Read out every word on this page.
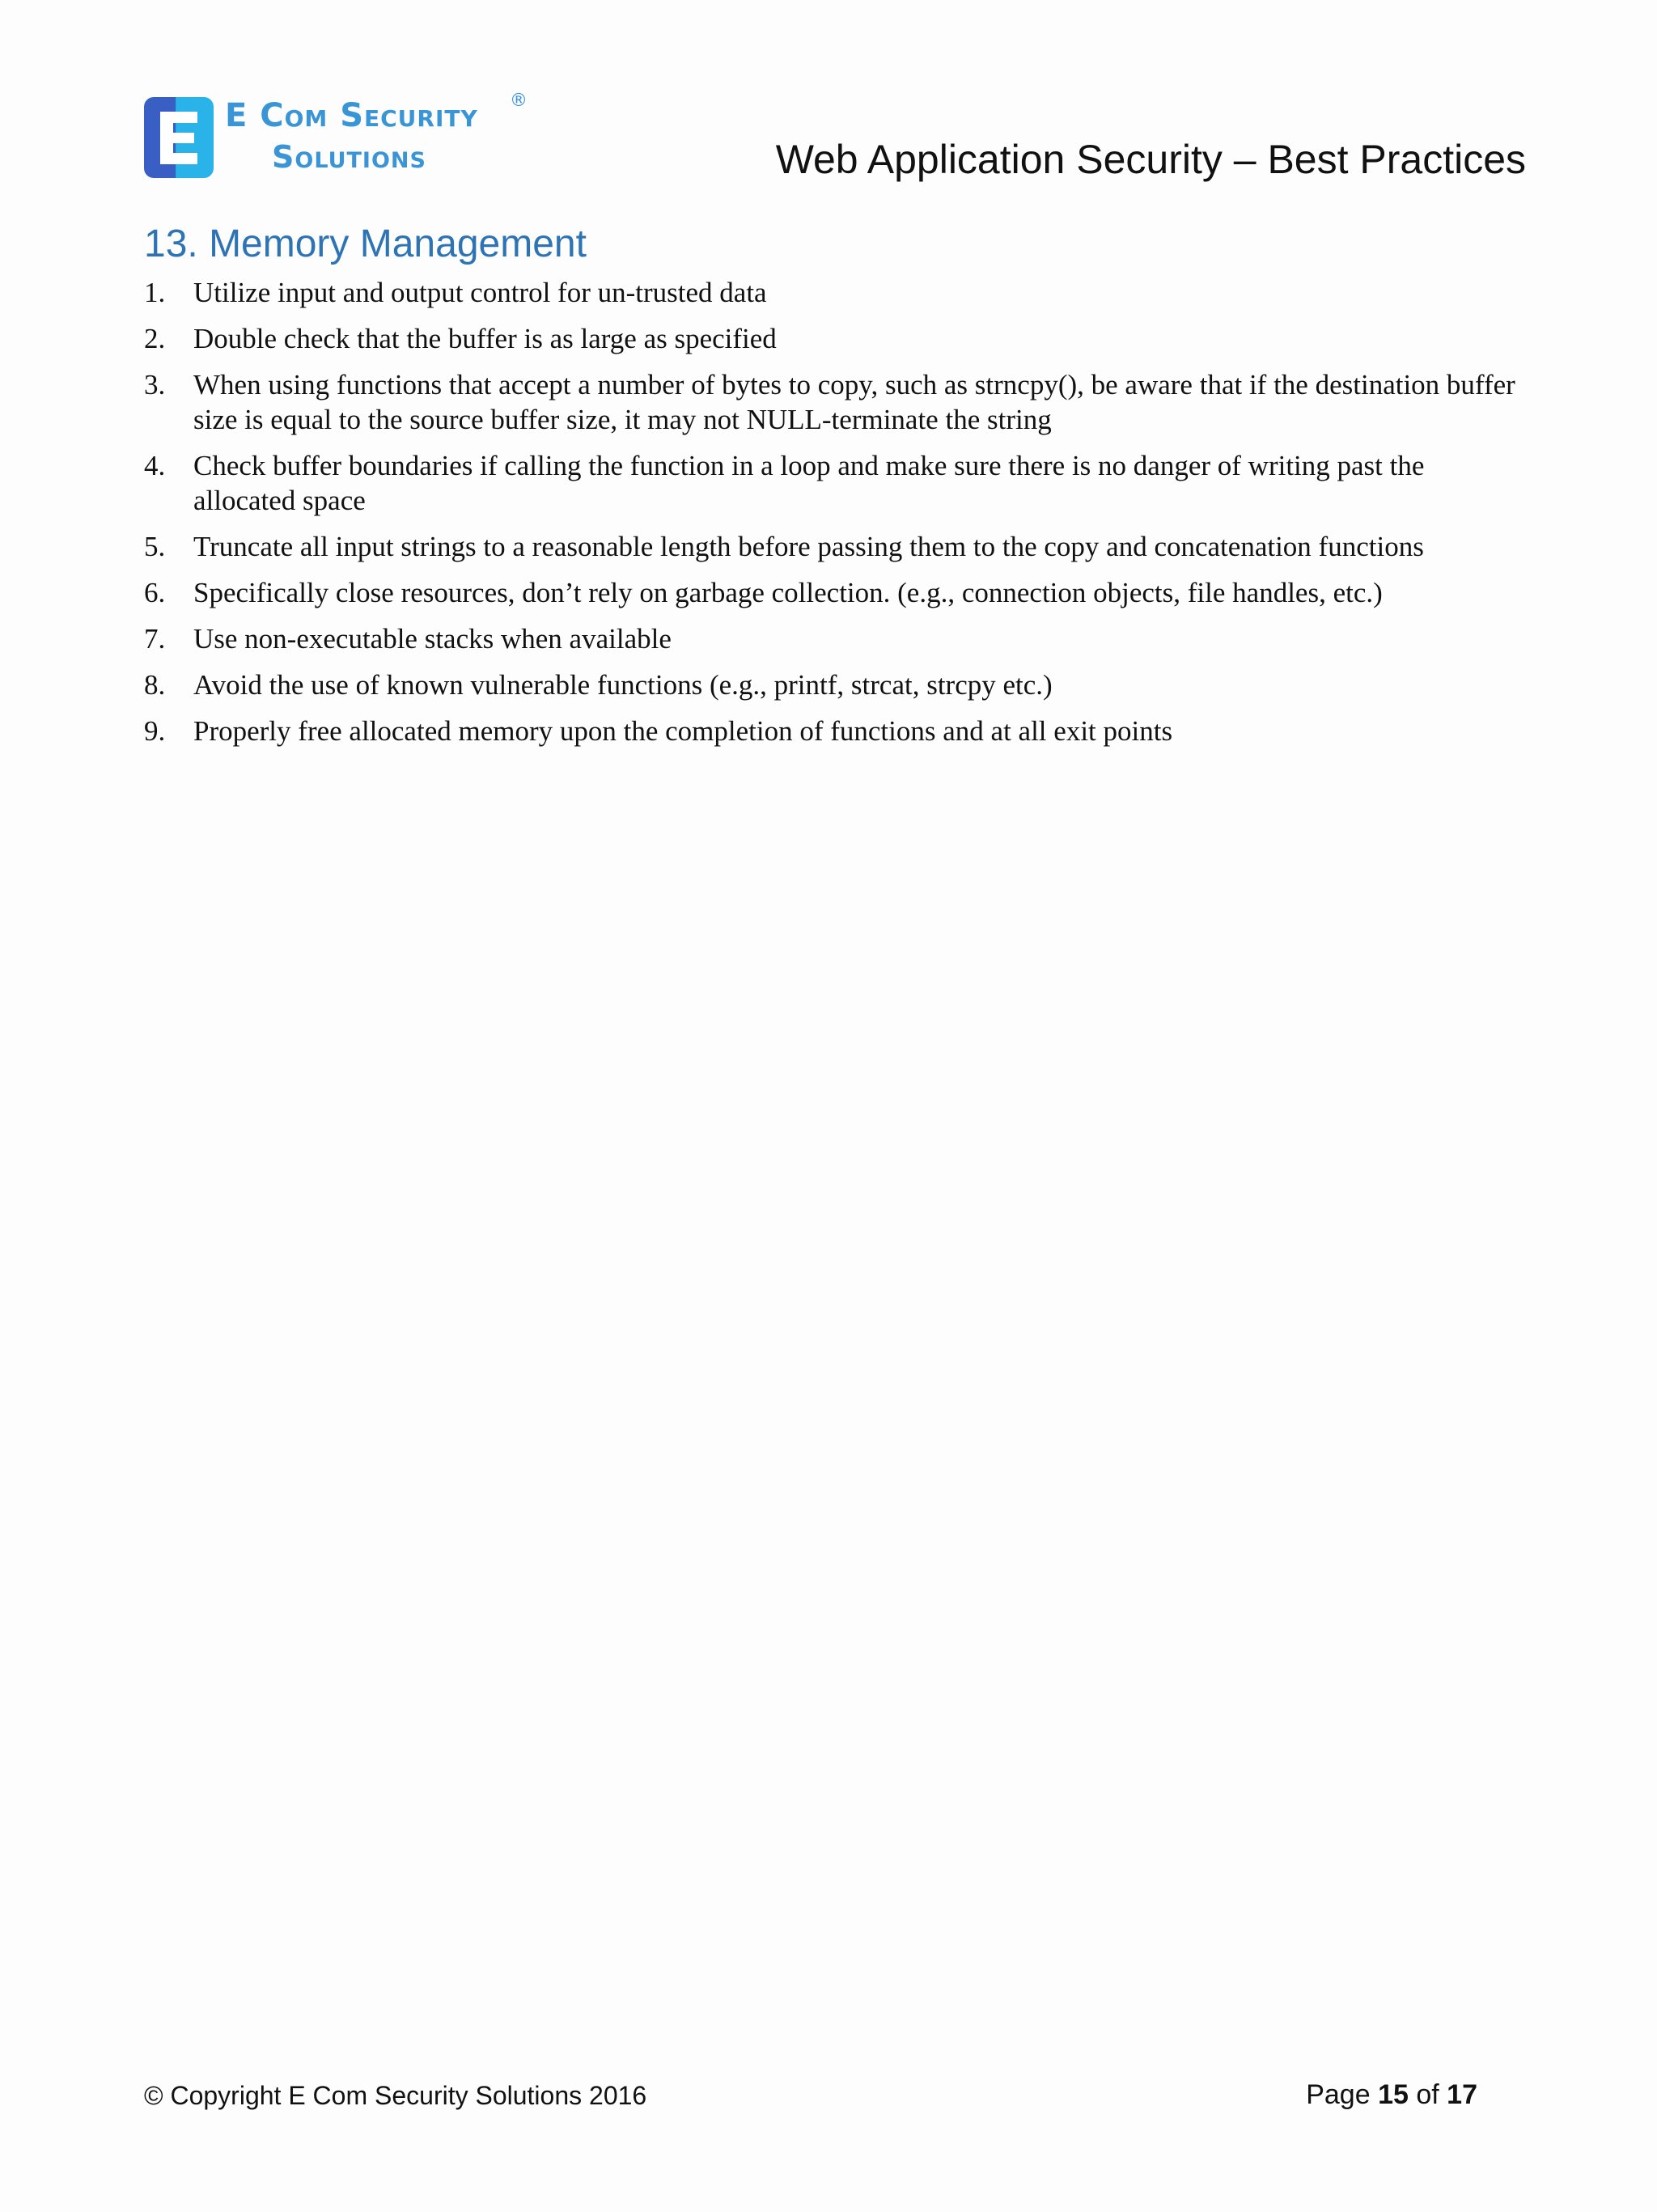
E Com Security ®
Solutions	Web Application Security – Best Practices
13. Memory Management
1. Utilize input and output control for un-trusted data
2. Double check that the buffer is as large as specified
3. When using functions that accept a number of bytes to copy, such as strncpy(), be aware that if the destination buffer size is equal to the source buffer size, it may not NULL-terminate the string
4. Check buffer boundaries if calling the function in a loop and make sure there is no danger of writing past the allocated space
5. Truncate all input strings to a reasonable length before passing them to the copy and concatenation functions
6. Specifically close resources, don’t rely on garbage collection. (e.g., connection objects, file handles, etc.)
7. Use non-executable stacks when available
8. Avoid the use of known vulnerable functions (e.g., printf, strcat, strcpy etc.)
9. Properly free allocated memory upon the completion of functions and at all exit points
© Copyright E Com Security Solutions 2016	Page 15 of 17
